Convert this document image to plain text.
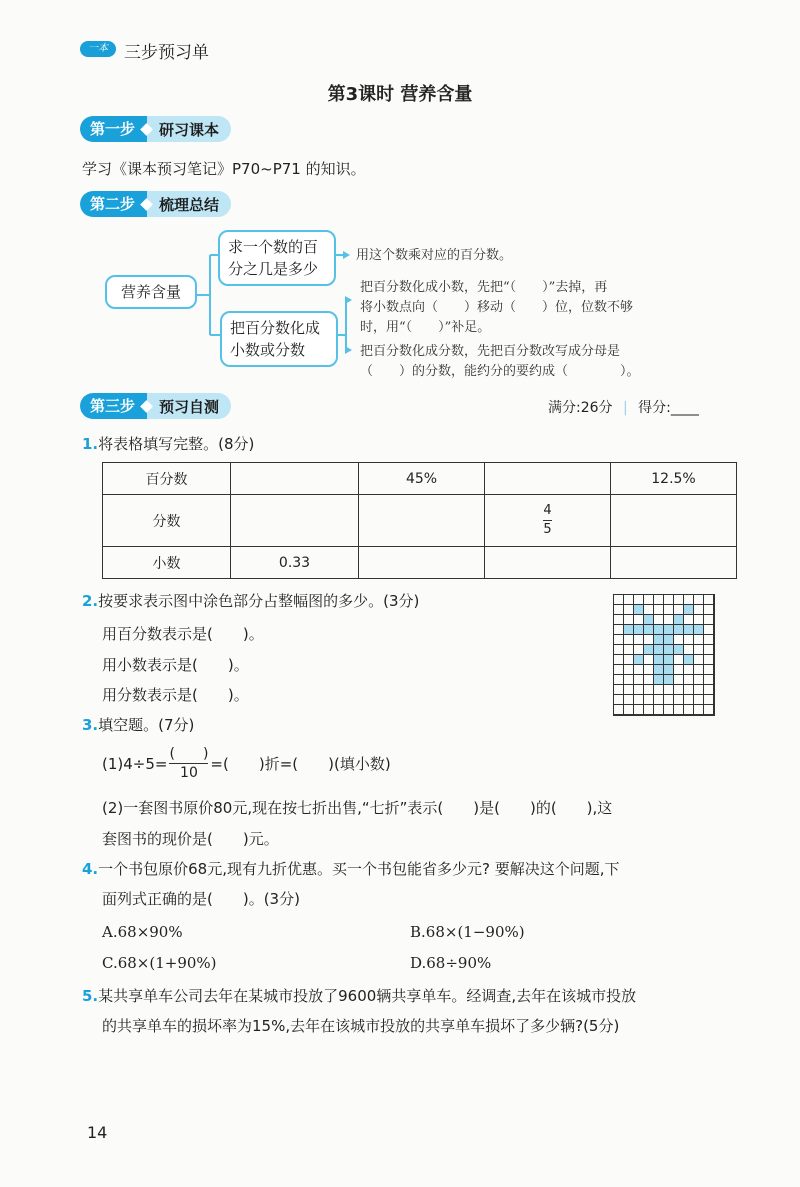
一本 三步预习单
第3课时 营养含量
第一步	研习课本
学习《课本预习笔记》P70~P71 的知识。
第二步	梳理总结
营养含量
求一个数的百
分之几是多少
用这个数乘对应的百分数。
把百分数化成
小数或分数
把百分数化成小数，先把“（　　）”去掉，再
将小数点向（　　）移动（　　）位，位数不够
时，用“（　　）”补足。
把百分数化成分数，先把百分数改写成分母是
（　　）的分数，能约分的要约成（　　　　）。
第三步	预习自测	满分:26分 | 得分:____
1.将表格填写完整。(8分)
百分数		45%		12.5%
分数			$\frac{4}{5}$

小数	0.33			
2.按要求表示图中涂色部分占整幅图的多少。(3分)
用百分数表示是(　　)。
用小数表示是(　　)。
用分数表示是(　　)。
3.填空题。(7分)
$(1)4\div 5= \frac{( )}{10}$ =(　　)折=(　　)(填小数)
(2)一套图书原价80元,现在按七折出售,“七折”表示(　　)是(　　)的(　　),这
套图书的现价是(　　)元。
4.一个书包原价68元,现有九折优惠。买一个书包能省多少元? 要解决这个问题,下
面列式正确的是(　　)。(3分)
A.68×90%	B.68×(1−90%)
C.68×(1+90%)	D.68÷90%
5.某共享单车公司去年在某城市投放了9600辆共享单车。经调查,去年在该城市投放
的共享单车的损坏率为15%,去年在该城市投放的共享单车损坏了多少辆?(5分)
14
